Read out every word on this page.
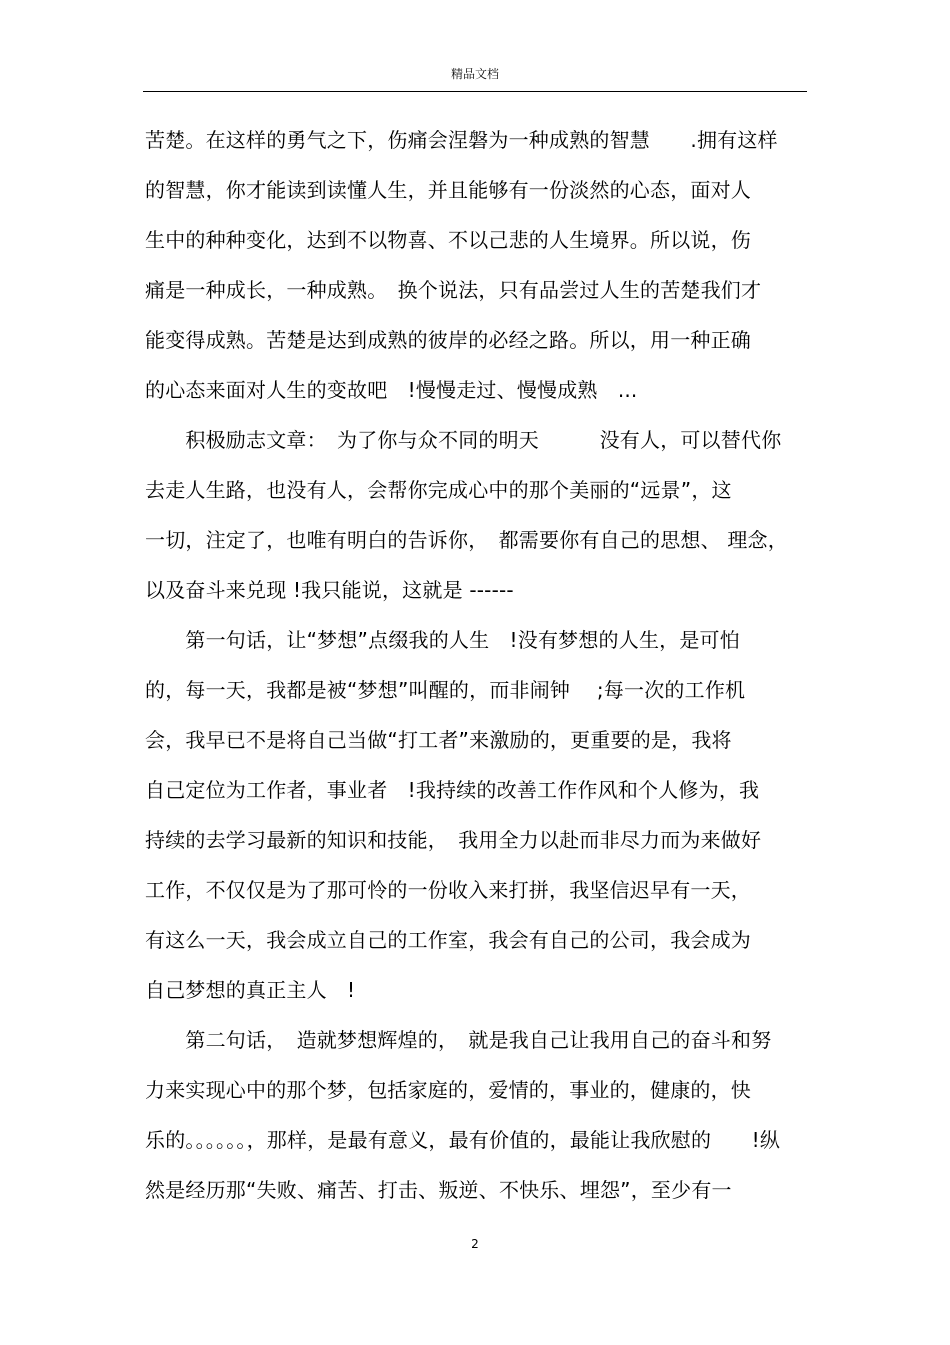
精品文档
苦楚。在这样的勇气之下，伤痛会涅磐为一种成熟的智慧　　.拥有这样
的智慧，你才能读到读懂人生，并且能够有一份淡然的心态，面对人
生中的种种变化，达到不以物喜、不以己悲的人生境界。所以说，伤
痛是一种成长，一种成熟。　换个说法，只有品尝过人生的苦楚我们才
能变得成熟。苦楚是达到成熟的彼岸的必经之路。所以，用一种正确
的心态来面对人生的变故吧　!慢慢走过、慢慢成熟　...
　　积极励志文章：　为了你与众不同的明天　　　没有人，可以替代你
去走人生路，也没有人，会帮你完成心中的那个美丽的“远景”，这
一切，注定了，也唯有明白的告诉你，　都需要你有自己的思想、 理念，
以及奋斗来兑现 !我只能说，这就是 ------
　　第一句话，让“梦想”点缀我的人生　!没有梦想的人生，是可怕
的，每一天，我都是被“梦想”叫醒的，而非闹钟　 ;每一次的工作机
会，我早已不是将自己当做“打工者”来激励的，更重要的是，我将
自己定位为工作者，事业者　!我持续的改善工作作风和个人修为，我
持续的去学习最新的知识和技能，　我用全力以赴而非尽力而为来做好
工作，不仅仅是为了那可怜的一份收入来打拼，我坚信迟早有一天，
有这么一天，我会成立自己的工作室，我会有自己的公司，我会成为
自己梦想的真正主人　!
　　第二句话，　造就梦想辉煌的，　就是我自己让我用自己的奋斗和努
力来实现心中的那个梦，包括家庭的，爱情的，事业的，健康的，快
乐的。。。。。。，那样，是最有意义，最有价值的，最能让我欣慰的　　!纵
然是经历那“失败、痛苦、打击、叛逆、不快乐、埋怨”，至少有一
2
